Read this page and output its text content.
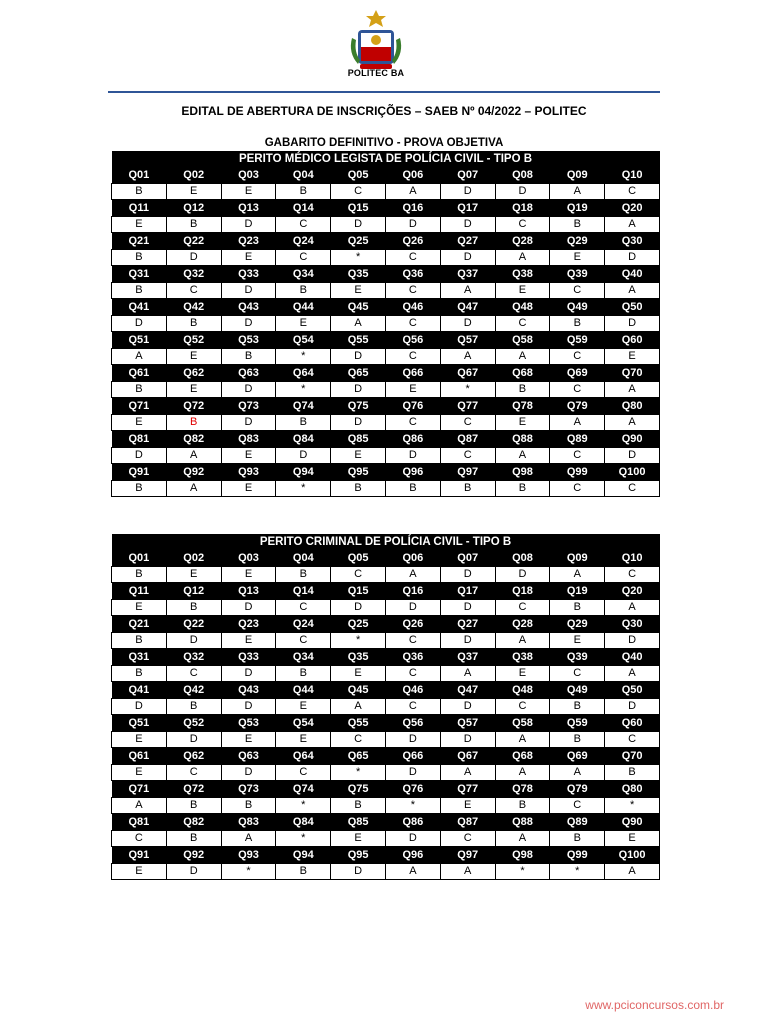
POLITEC BA
EDITAL DE ABERTURA DE INSCRIÇÕES – SAEB Nº 04/2022 – POLITEC
GABARITO DEFINITIVO - PROVA OBJETIVA
PERITO MÉDICO LEGISTA DE POLÍCIA CIVIL - TIPO B									
Q01	Q02	Q03	Q04	Q05	Q06	Q07	Q08	Q09	Q10
B	E	E	B	C	A	D	D	A	C
Q11	Q12	Q13	Q14	Q15	Q16	Q17	Q18	Q19	Q20
E	B	D	C	D	D	D	C	B	A
Q21	Q22	Q23	Q24	Q25	Q26	Q27	Q28	Q29	Q30
B	D	E	C	*	C	D	A	E	D
Q31	Q32	Q33	Q34	Q35	Q36	Q37	Q38	Q39	Q40
B	C	D	B	E	C	A	E	C	A
Q41	Q42	Q43	Q44	Q45	Q46	Q47	Q48	Q49	Q50
D	B	D	E	A	C	D	C	B	D
Q51	Q52	Q53	Q54	Q55	Q56	Q57	Q58	Q59	Q60
A	E	B	*	D	C	A	A	C	E
Q61	Q62	Q63	Q64	Q65	Q66	Q67	Q68	Q69	Q70
B	E	D	*	D	E	*	B	C	A
Q71	Q72	Q73	Q74	Q75	Q76	Q77	Q78	Q79	Q80
E	B	D	B	D	C	C	E	A	A
Q81	Q82	Q83	Q84	Q85	Q86	Q87	Q88	Q89	Q90
D	A	E	D	E	D	C	A	C	D
Q91	Q92	Q93	Q94	Q95	Q96	Q97	Q98	Q99	Q100
B	A	E	*	B	B	B	B	C	C
PERITO CRIMINAL DE POLÍCIA CIVIL - TIPO B									
Q01	Q02	Q03	Q04	Q05	Q06	Q07	Q08	Q09	Q10
B	E	E	B	C	A	D	D	A	C
Q11	Q12	Q13	Q14	Q15	Q16	Q17	Q18	Q19	Q20
E	B	D	C	D	D	D	C	B	A
Q21	Q22	Q23	Q24	Q25	Q26	Q27	Q28	Q29	Q30
B	D	E	C	*	C	D	A	E	D
Q31	Q32	Q33	Q34	Q35	Q36	Q37	Q38	Q39	Q40
B	C	D	B	E	C	A	E	C	A
Q41	Q42	Q43	Q44	Q45	Q46	Q47	Q48	Q49	Q50
D	B	D	E	A	C	D	C	B	D
Q51	Q52	Q53	Q54	Q55	Q56	Q57	Q58	Q59	Q60
E	D	E	E	C	D	D	A	B	C
Q61	Q62	Q63	Q64	Q65	Q66	Q67	Q68	Q69	Q70
E	C	D	C	*	D	A	A	A	B
Q71	Q72	Q73	Q74	Q75	Q76	Q77	Q78	Q79	Q80
A	B	B	*	B	*	E	B	C	*
Q81	Q82	Q83	Q84	Q85	Q86	Q87	Q88	Q89	Q90
C	B	A	*	E	D	C	A	B	E
Q91	Q92	Q93	Q94	Q95	Q96	Q97	Q98	Q99	Q100
E	D	*	B	D	A	A	*	*	A
www.pciconcursos.com.br
